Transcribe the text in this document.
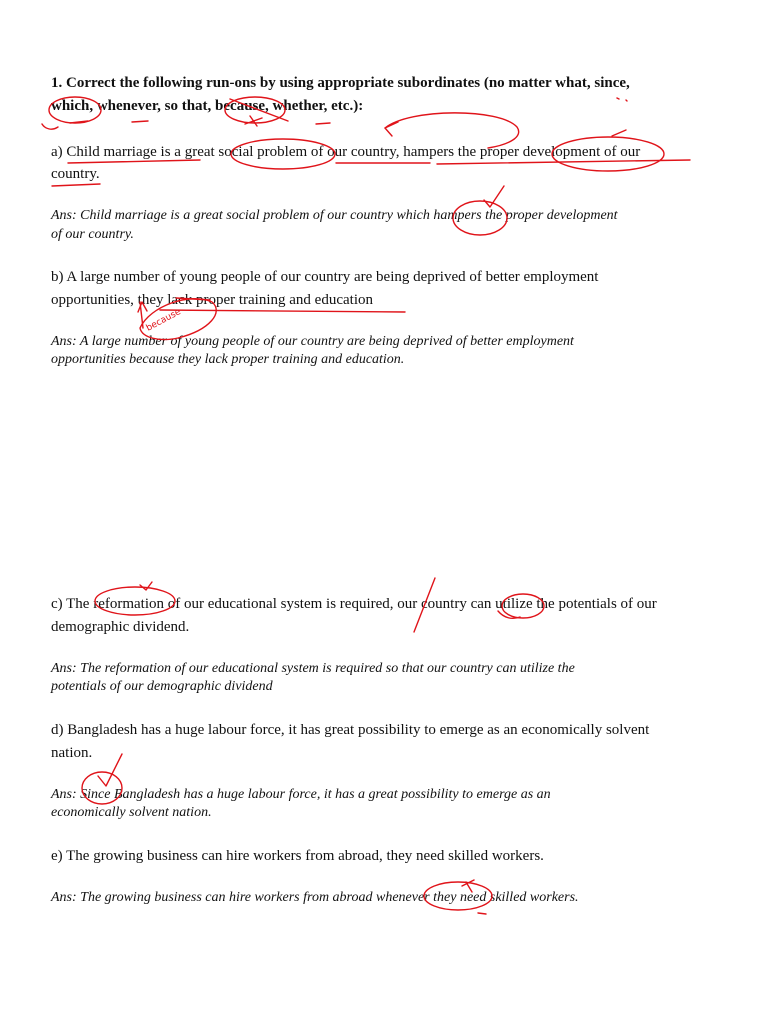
1. Correct the following run-ons by using appropriate subordinates (no matter what, since,
which, whenever, so that, because, whether, etc.):
a) Child marriage is a great social problem of our country, hampers the proper development of our
country.
Ans: Child marriage is a great social problem of our country which hampers the proper development
of our country.
b) A large number of young people of our country are being deprived of better employment
opportunities, they lack proper training and education
Ans: A large number of young people of our country are being deprived of better employment
opportunities because they lack proper training and education.
c) The reformation of our educational system is required, our country can utilize the potentials of our
demographic dividend.
Ans: The reformation of our educational system is required so that our country can utilize the
potentials of our demographic dividend
d) Bangladesh has a huge labour force, it has great possibility to emerge as an economically solvent
nation.
Ans: Since Bangladesh has a huge labour force, it has a great possibility to emerge as an
economically solvent nation.
e) The growing business can hire workers from abroad, they need skilled workers.
Ans: The growing business can hire workers from abroad whenever they need skilled workers.
because
